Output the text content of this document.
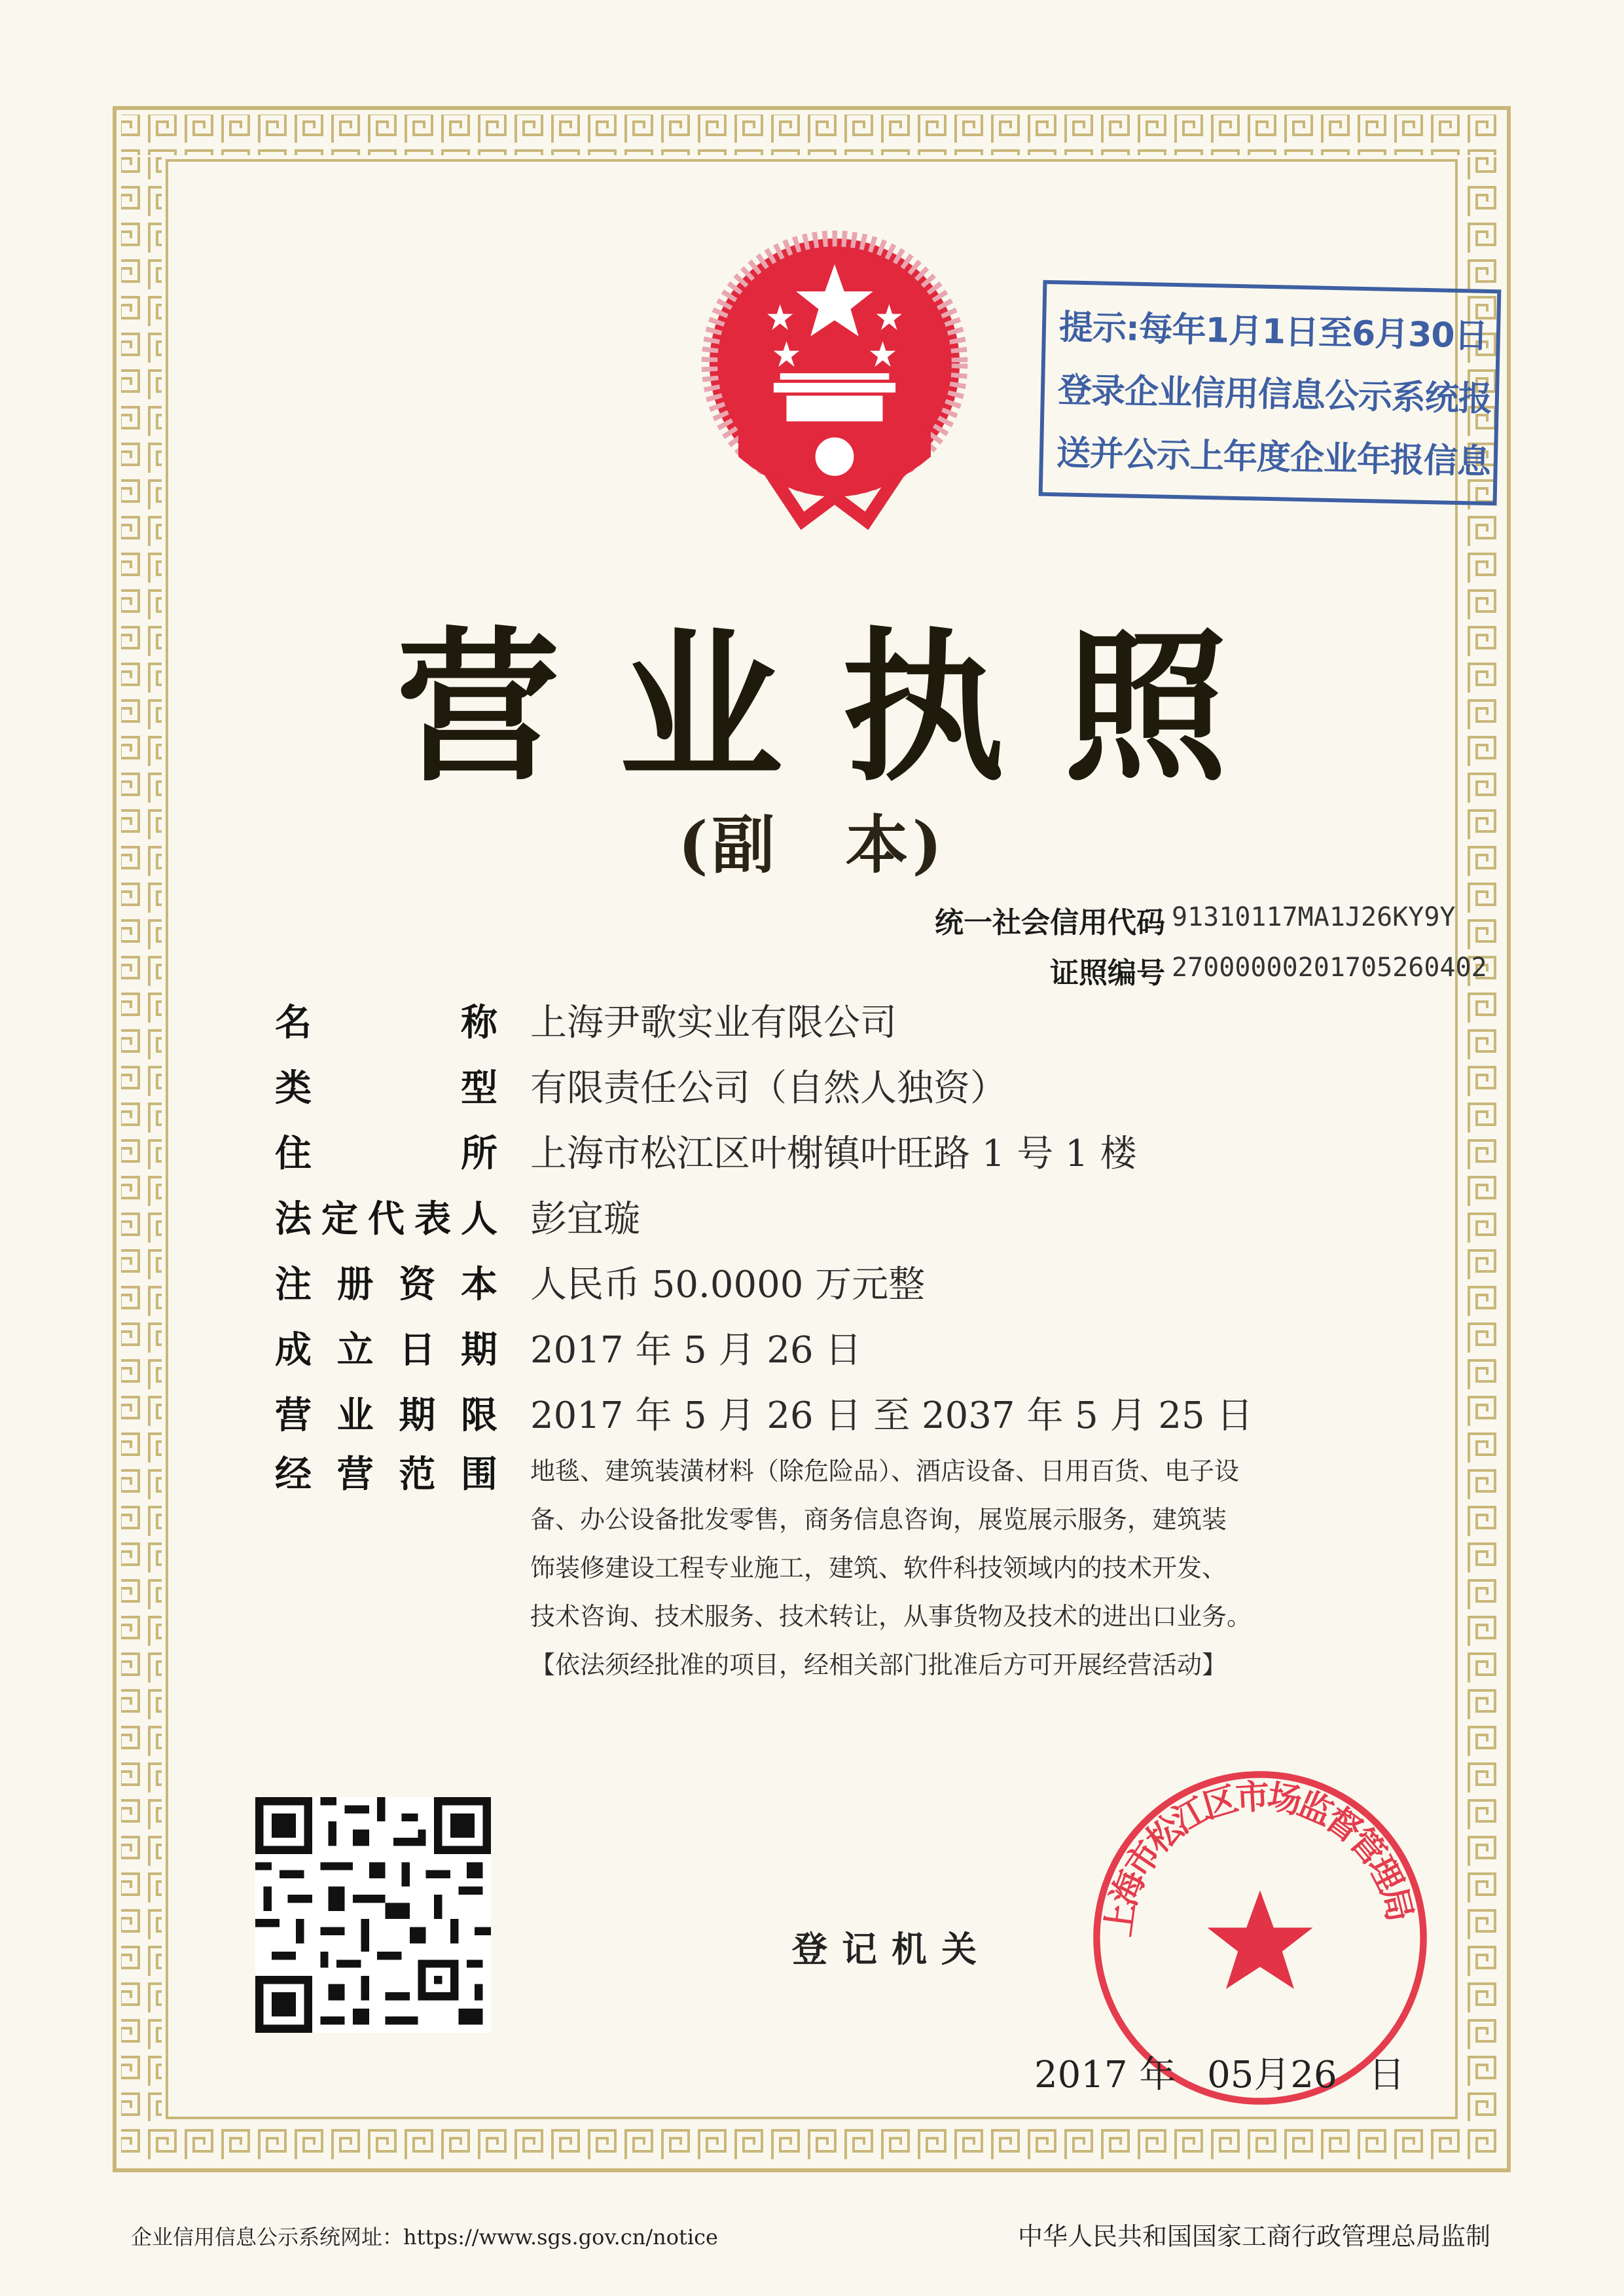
提示:每年1月1日至6月30日
登录企业信用信息公示系统报
送并公示上年度企业年报信息
营业执照
(副　本)
统一社会信用代码 91310117MA1J26KY9Y
证照编号 27000000201705260402
名	称 上海尹歌实业有限公司
类	型 有限责任公司（自然人独资）
住	所 上海市松江区叶榭镇叶旺路 1 号 1 楼
法 定 代 表 人 彭宜璇
注 册 资 本 人民币 50.0000 万元整
成 立 日 期 2017 年 5 月 26 日
营 业 期 限 2017 年 5 月 26 日 至 2037 年 5 月 25 日
经 营 范 围 地毯、建筑装潢材料（除危险品）、酒店设备、日用百货、电子设
备、办公设备批发零售，商务信息咨询，展览展示服务，建筑装
饰装修建设工程专业施工，建筑、软件科技领域内的技术开发、
技术咨询、技术服务、技术转让，从事货物及技术的进出口业务。
【依法须经批准的项目，经相关部门批准后方可开展经营活动】
登记机关
上海市松江区市场监督管理局
2017 年 05月26 日
企业信用信息公示系统网址：https://www.sgs.gov.cn/notice	中华人民共和国国家工商行政管理总局监制
